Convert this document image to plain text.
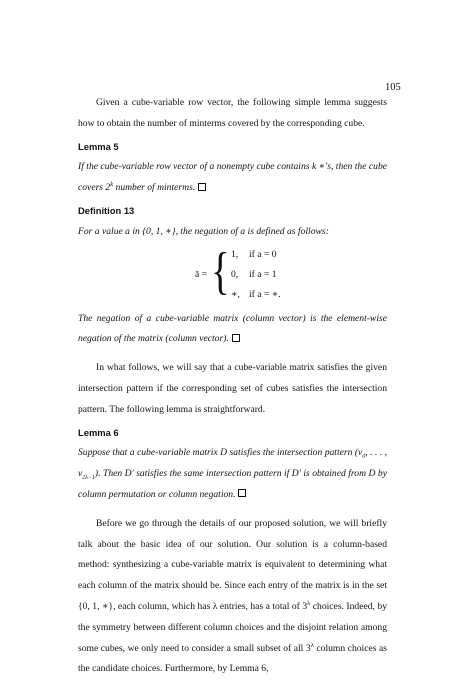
105

Given a cube-variable row vector, the following simple lemma suggests how to obtain the number of minterms covered by the corresponding cube.

Lemma 5

If the cube-variable row vector of a nonempty cube contains k ∗'s, then the cube covers 2$^k$ number of minterms.

Definition 13

For a value a in {0, 1, ∗}, the negation of a is defined as follows:

ā = { 1, if a = 0
0, if a = 1
∗, if a = ∗.

The negation of a cube-variable matrix (column vector) is the element-wise negation of the matrix (column vector).

In what follows, we will say that a cube-variable matrix satisfies the given intersection pattern if the corresponding set of cubes satisfies the intersection pattern. The following lemma is straightforward.

Lemma 6

Suppose that a cube-variable matrix D satisfies the intersection pattern ($v_0$, . . . , $v_{2\lambda-1}$). Then D′ satisfies the same intersection pattern if D′ is obtained from D by column permutation or column negation.

Before we go through the details of our proposed solution, we will briefly talk about the basic idea of our solution. Our solution is a column-based method: synthesizing a cube-variable matrix is equivalent to determining what each column of the matrix should be. Since each entry of the matrix is in the set {0, 1, ∗}, each column, which has λ entries, has a total of $3^\lambda$ choices. Indeed, by the symmetry between different column choices and the disjoint relation among some cubes, we only need to consider a small subset of all $3^\lambda$ column choices as the candidate choices. Furthermore, by Lemma 6,
